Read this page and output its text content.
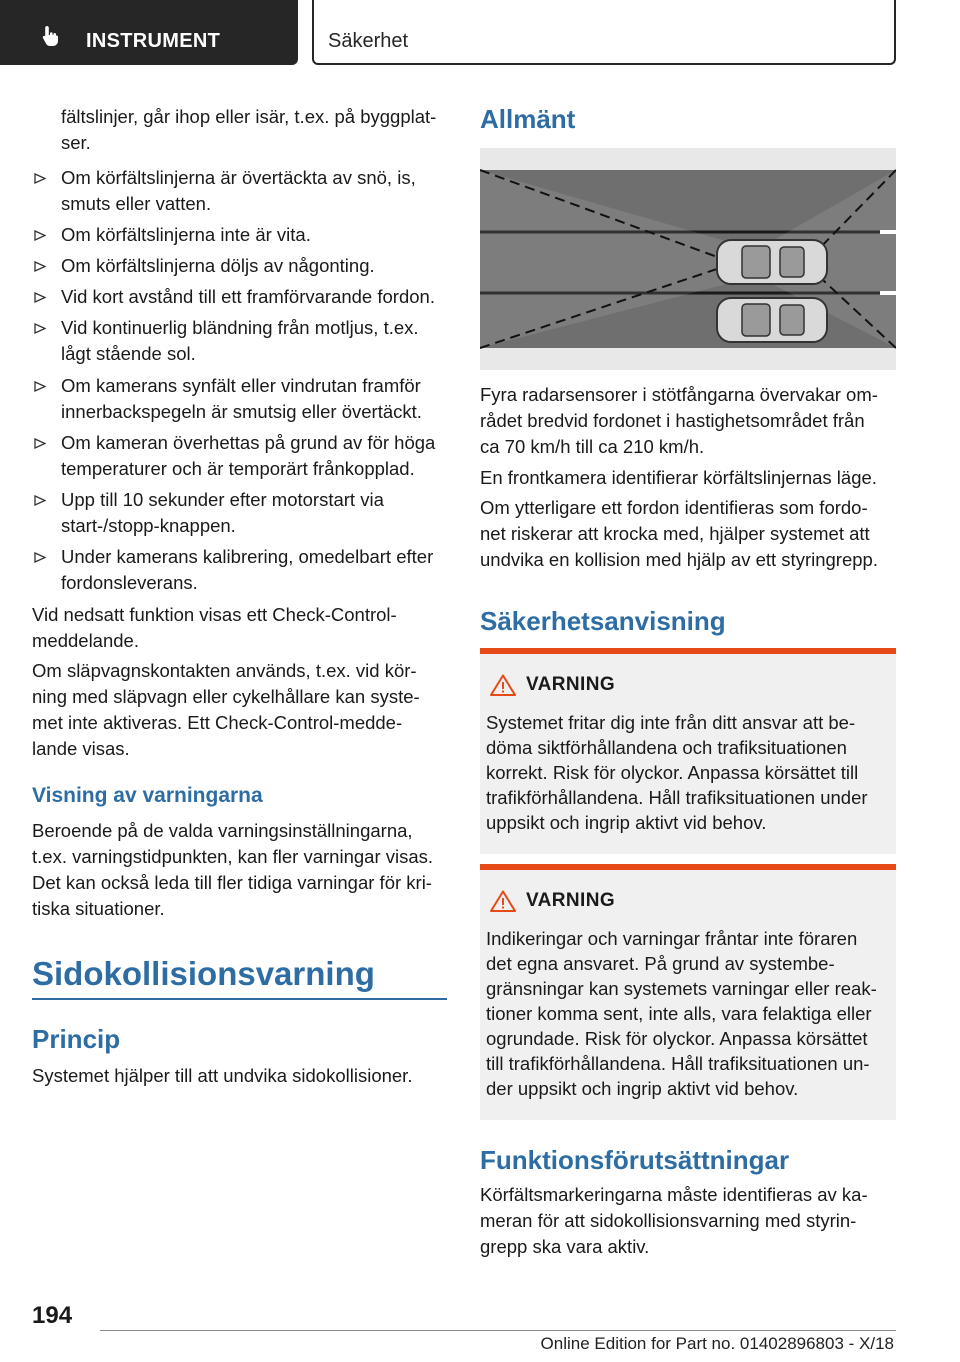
INSTRUMENT	Säkerhet

fältslinjer, går ihop eller isär, t.ex. på byggplat-
ser.

Om körfältslinjerna är övertäckta av snö, is,
smuts eller vatten.
Om körfältslinjerna inte är vita.
Om körfältslinjerna döljs av någonting.
Vid kort avstånd till ett framförvarande fordon.
Vid kontinuerlig bländning från motljus, t.ex.
lågt stående sol.
Om kamerans synfält eller vindrutan framför
innerbackspegeln är smutsig eller övertäckt.
Om kameran överhettas på grund av för höga
temperaturer och är temporärt frånkopplad.
Upp till 10 sekunder efter motorstart via
start-/stopp-knappen.
Under kamerans kalibrering, omedelbart efter
fordonsleverans.

Vid nedsatt funktion visas ett Check-Control-
meddelande.

Om släpvagnskontakten används, t.ex. vid kör-
ning med släpvagn eller cykelhållare kan syste-
met inte aktiveras. Ett Check-Control-medde-
lande visas.

Visning av varningarna

Beroende på de valda varningsinställningarna,
t.ex. varningstidpunkten, kan fler varningar visas.
Det kan också leda till fler tidiga varningar för kri-
tiska situationer.

Sidokollisionsvarning
Princip

Systemet hjälper till att undvika sidokollisioner.

Allmänt

Fyra radarsensorer i stötfångarna övervakar om-
rådet bredvid fordonet i hastighetsområdet från
ca 70 km/h till ca 210 km/h.

En frontkamera identifierar körfältslinjernas läge.

Om ytterligare ett fordon identifieras som fordo-
net riskerar att krocka med, hjälper systemet att
undvika en kollision med hjälp av ett styringrepp.

Säkerhetsanvisning
VARNING
Systemet fritar dig inte från ditt ansvar att be-
döma siktförhållandena och trafiksituationen
korrekt. Risk för olyckor. Anpassa körsättet till
trafikförhållandena. Håll trafiksituationen under
uppsikt och ingrip aktivt vid behov.
VARNING
Indikeringar och varningar fråntar inte föraren
det egna ansvaret. På grund av systembe-
gränsningar kan systemets varningar eller reak-
tioner komma sent, inte alls, vara felaktiga eller
ogrundade. Risk för olyckor. Anpassa körsättet
till trafikförhållandena. Håll trafiksituationen un-
der uppsikt och ingrip aktivt vid behov.
Funktionsförutsättningar

Körfältsmarkeringarna måste identifieras av ka-
meran för att sidokollisionsvarning med styrin-
grepp ska vara aktiv.

194
Online Edition for Part no. 01402896803 - X/18
